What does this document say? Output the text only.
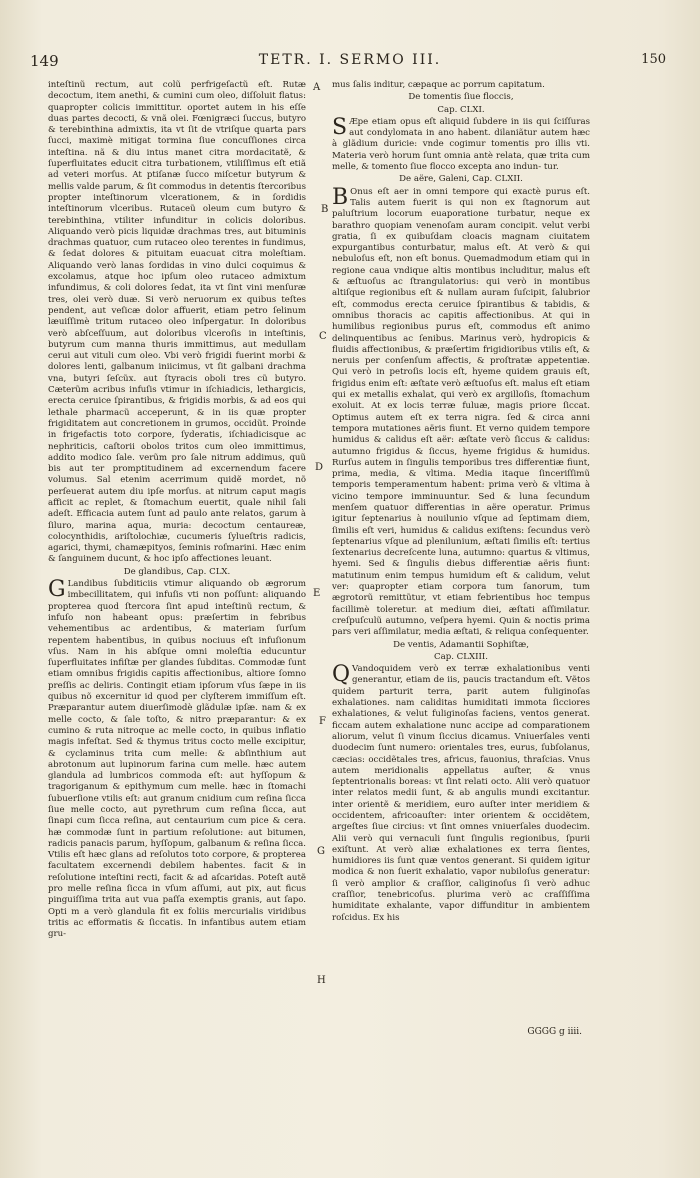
149	TETR. I. SERMO III.	150

inteſtinũ rectum, aut colũ perfrigeſactũ eſt. Rutæ decoctum, item anethi, & cumini cum oleo, diſſoluit flatus: quapropter colicis immittitur. oportet autem in his eſſe duas partes decocti, & vnã olei. Fœnigræci ſuccus, butyro & terebinthina admixtis, ita vt ſit de vtriſque quarta pars ſucci, maximè mitigat tormina ſiue concuſſiones circa inteſtina. nã & diu intus manet citra mordacitatẽ, & ſuperfluitates educit citra turbationem, vtiliſſimus eſt etiã ad veteri morſus. At ptiſanæ ſucco miſcetur butyrum & mellis valde parum, & ſit commodus in detentis ſtercoribus propter inteſtinorum vlcerationem, & in ſordidis inteſtinorum vlceribus. Rutaceũ oleum cum butyro & terebinthina, vtiliter infunditur in colicis doloribus. Aliquando verò picis liquidæ drachmas tres, aut bituminis drachmas quatuor, cum rutaceo oleo terentes in fundimus, & ſedat dolores & pituitam euacuat citra moleſtiam. Aliquando verò lanas ſordidas in vino dulci coquimus & excolamus, atque hoc ipſum oleo rutaceo admixtum infundimus, & coli dolores ſedat, ita vt ſint vini menſuræ tres, olei verò duæ. Si verò neruorum ex quibus teſtes pendent, aut veſicæ dolor affuerit, etiam petro ſelinum læuiſſimè tritum rutaceo oleo inſpergatur. In doloribus verò abſceſſuum, aut doloribus vlceroſis in inteſtinis, butyrum cum manna thuris immittimus, aut medullam cerui aut vituli cum oleo. Vbi verò frigidi fuerint morbi & dolores lenti, galbanum iniicimus, vt ſit galbani drachma vna, butyri ſeſcũx. aut ſtyracis oboli tres cũ butyro. Cæterũm acribus infuſis vtimur in iſchiadicis, lethargicis, erecta ceruice ſpirantibus, & frigidis morbis, & ad eos qui lethale pharmacũ acceperunt, & in iis quæ propter frigiditatem aut concretionem in grumos, occidũt. Proinde in frigefactis toto corpore, ſyderatis, iſchiadicisque ac nephriticis, caſtorii obolos tritos cum oleo immittimus, addito modico ſale. verũm pro ſale nitrum addimus, quũ bis aut ter promptitudinem ad excernendum facere volumus. Sal etenim acerrimum quidẽ mordet, nõ perſeuerat autem diu ipſe morſus. at nitrum caput magis afficit ac replet, & ſtomachum euertit, quale nihil ſali adeſt. Efficacia autem ſunt ad paulo ante relatos, garum à ſiluro, marina aqua, muria: decoctum centaureæ, colocynthidis, ariſtolochiæ, cucumeris ſylueſtris radicis, agarici, thymi, chamæpityos, ſeminis roſmarini. Hæc enim & ſanguinem ducunt, & hoc ipſo affectiones leuant.

De glandibus, Cap. CLX.

G Landibus ſubditiciis vtimur aliquando ob ægrorum imbecillitatem, qui infuſis vti non poſſunt: aliquando propterea quod ſtercora ſint apud inteſtinũ rectum, & infuſo non habeant opus: præſertim in febribus vehementibus ac ardentibus, & materiam ſurſum repentem habentibus, in quibus nociuus eſt infuſionum vſus. Nam in his abſque omni moleſtia educuntur ſuperfluitates infiſtæ per glandes ſubditas. Commodæ ſunt etiam omnibus frigidis capitis affectionibus, altiore ſomno preſſis ac deliris. Contingit etiam ipſorum vſus ſæpe in iis quibus nõ excernitur id quod per clyſterem immiſſum eſt. Præparantur autem diuerſimodè glãdulæ ipſæ. nam & ex melle cocto, & ſale toſto, & nitro præparantur: & ex cumino & ruta nitroque ac melle cocto, in quibus inflatio magis infeſtat. Sed & thymus tritus cocto melle excipitur, & cyclaminus trita cum melle: & abſinthium aut abrotonum aut lupinorum farina cum melle. hæc autem glandula ad lumbricos commoda eſt: aut hyſſopum & tragoriganum & epithymum cum melle. hæc in ſtomachi ſubuerſione vtilis eſt: aut granum cnidium cum reſina ſicca ſiue melle cocto, aut pyrethrum cum reſina ſicca, aut ſinapi cum ſicca reſina, aut centaurium cum pice & cera. hæ commodæ ſunt in partium reſolutione: aut bitumen, radicis panacis parum, hyſſopum, galbanum & reſina ſicca. Vtilis eſt hæc glans ad reſolutos toto corpore, & propterea facultatem excernendi debilem habentes. facit & in reſolutione inteſtini recti, facit & ad aſcaridas. Poteſt autẽ pro melle reſina ſicca in vſum aſſumi, aut pix, aut ficus pinguiſſima trita aut vua paſſa exemptis granis, aut ſapo. Opti m a verò glandula fit ex foliis mercurialis viridibus tritis ac efformatis & ſiccatis. In infantibus autem etiam gru-

mus ſalis inditur, cæpaque ac porrum capitatum.

De tomentis ſiue floccis,

Cap. CLXI.

S Æpe etiam opus eſt aliquid ſubdere in iis qui ſciſſuras aut condylomata in ano habent. dilaniãtur autem hæc à glãdium duricie: vnde cogimur tomentis pro illis vti. Materia verò horum ſunt omnia antè relata, quæ trita cum melle, & tomento ſiue flocco excepta ano indun- tur.

De aëre, Galeni, Cap. CLXII.

B Onus eſt aer in omni tempore qui exactè purus eſt. Talis autem fuerit is qui non ex ſtagnorum aut paluſtrium locorum euaporatione turbatur, neque ex barathro quopiam venenoſam auram concipit. velut verbi gratia, ſi ex quibuſdam cloacis magnam ciuitatem expurgantibus conturbatur, malus eſt. At verò & qui nebuloſus eſt, non eſt bonus. Quemadmodum etiam qui in regione caua vndique altis montibus includitur, malus eſt & æſtuoſus ac ſtrangulatorius: qui verò in montibus altiſque regionibus eſt & nullam auram ſuſcipit, ſalubrior eſt, commodus erecta ceruice ſpirantibus & tabidis, & omnibus thoracis ac capitis affectionibus. At qui in humilibus regionibus purus eſt, commodus eſt animo delinquentibus ac ſenibus. Marinus verò, hydropicis & fluidis affectionibus, & præſertim frigidioribus vtilis eſt, & neruis per conſenſum affectis, & proſtratæ appetentiæ. Qui verò in petroſis locis eſt, hyeme quidem grauis eſt, frigidus enim eſt: æſtate verò æſtuoſus eſt. malus eſt etiam qui ex metallis exhalat, qui verò ex argilloſis, ſtomachum exoluit. At ex locis terræ fuluæ, magis priore ſiccat. Optimus autem eſt ex terra nigra. ſed & circa anni tempora mutationes aëris fiunt. Et verno quidem tempore humidus & calidus eſt aër: æſtate verò ſiccus & calidus: autumno frigidus & ſiccus, hyeme frigidus & humidus. Rurſus autem in ſingulis temporibus tres differentiæ fiunt, prima, media, & vltima. Media itaque ſinceriſſimũ temporis temperamentum habent: prima verò & vltima à vicino tempore imminuuntur. Sed & luna ſecundum menſem quatuor differentias in aëre operatur. Primus igitur ſeptenarius à nouilunio vſque ad ſeptimam diem, ſimilis eſt veri, humidus & calidus exiſtens: ſecundus verò ſeptenarius vſque ad plenilunium, æſtati ſimilis eſt: tertius ſextenarius decreſcente luna, autumno: quartus & vltimus, hyemi. Sed & ſingulis diebus differentiæ aëris fiunt: matutinum enim tempus humidum eſt & calidum, velut ver: quapropter etiam corpora tum ſanorum, tum ægrotorũ remittũtur, vt etiam febrientibus hoc tempus facillimè toleretur. at medium diei, æſtati aſſimilatur. creſpuſculũ autumno, veſpera hyemi. Quin & noctis prima pars veri aſſimilatur, media æſtati, & reliqua conſequenter.

De ventis, Adamantii Sophiſtæ,

Cap. CLXIII.

Q Vandoquidem verò ex terræ exhalationibus venti generantur, etiam de iis, paucis tractandum eſt. Vẽtos quidem parturit terra, parit autem fuliginoſas exhalationes. nam caliditas humiditati immota ſicciores exhalationes, & velut fuliginoſas faciens, ventos generat. ficcam autem exhalatione nunc accipe ad comparationem aliorum, velut ſi vinum ſiccius dicamus. Vniuerſales venti duodecim ſunt numero: orientales tres, eurus, ſubſolanus, cæcias: occidẽtales tres, africus, fauonius, thraſcias. Vnus autem meridionalis appellatus auſter, & vnus ſeptentrionalis boreas: vt ſint relati octo. Alii verò quatuor inter relatos medii ſunt, & ab angulis mundi excitantur. inter orientẽ & meridiem, euro auſter inter meridiem & occidentem, africoauſter: inter orientem & occidẽtem, argeſtes ſiue circius: vt ſint omnes vniuerſales duodecim. Alii verò qui vernaculi ſunt ſingulis regionibus, ſpurii exiſtunt. At verò aliæ exhalationes ex terra ſientes, humidiores iis ſunt quæ ventos generant. Si quidem igitur modica & non ſuerit exhalatio, vapor nubiloſus generatur: ſi verò amplior & craſſior, caliginoſus ſi verò adhuc craſſior, tenebricoſus. plurima verò ac craſſiſſima humiditate exhalante, vapor diffunditur in ambientem roſcidus. Ex his

A
B
C
D
E
F
G
H
GGGG g iiii.
